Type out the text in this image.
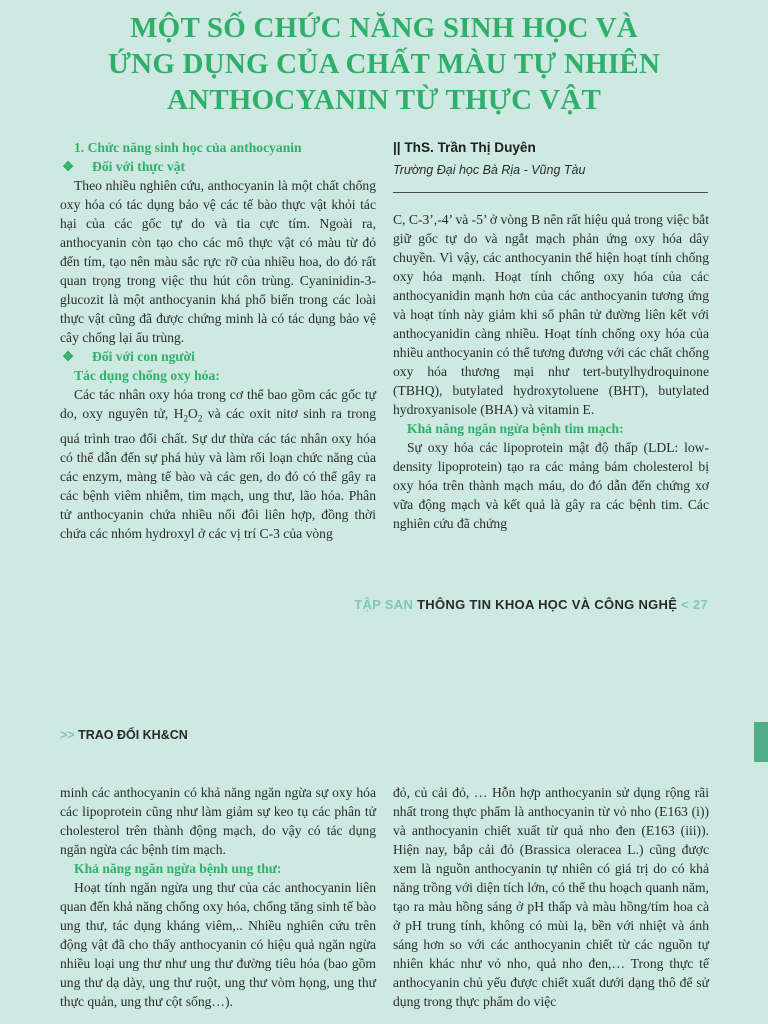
MỘT SỐ CHỨC NĂNG SINH HỌC VÀ
ỨNG DỤNG CỦA CHẤT MÀU TỰ NHIÊN
ANTHOCYANIN TỪ THỰC VẬT

1. Chức năng sinh học của anthocyanin

❖ Đối với thực vật

Theo nhiều nghiên cứu, anthocyanin là một chất chống oxy hóa có tác dụng bảo vệ các tế bào thực vật khỏi tác hại của các gốc tự do và tia cực tím. Ngoài ra, anthocyanin còn tạo cho các mô thực vật có màu từ đỏ đến tím, tạo nên màu sắc rực rỡ của nhiều hoa, do đó rất quan trọng trong việc thu hút côn trùng. Cyaninidin-3-glucozit là một anthocyanin khá phổ biến trong các loài thực vật cũng đã được chứng minh là có tác dụng bảo vệ cây chống lại ấu trùng.

❖ Đối với con người

Tác dụng chống oxy hóa:

Các tác nhân oxy hóa trong cơ thể bao gồm các gốc tự do, oxy nguyên tử, $H_2O_2$ và các oxit nitơ sinh ra trong quá trình trao đổi chất. Sự dư thừa các tác nhân oxy hóa có thể dẫn đến sự phá hủy và làm rối loạn chức năng của các enzym, màng tế bào và các gen, do đó có thể gây ra các bệnh viêm nhiễm, tim mạch, ung thư, lão hóa. Phân tử anthocyanin chứa nhiều nối đôi liên hợp, đồng thời chứa các nhóm hydroxyl ở các vị trí C-3 của vòng

|| ThS. Trần Thị Duyên
Trường Đại học Bà Rịa - Vũng Tàu

C, C-3’,-4’ và -5’ ở vòng B nên rất hiệu quả trong việc bắt giữ gốc tự do và ngắt mạch phản ứng oxy hóa dây chuyền. Vì vậy, các anthocyanin thể hiện hoạt tính chống oxy hóa mạnh. Hoạt tính chống oxy hóa của các anthocyanidin mạnh hơn của các anthocyanin tương ứng và hoạt tính này giảm khi số phân tử đường liên kết với anthocyanidin càng nhiều. Hoạt tính chống oxy hóa của nhiều anthocyanin có thể tương đương với các chất chống oxy hóa thương mại như tert-butylhydroquinone (TBHQ), butylated hydroxytoluene (BHT), butylated hydroxyanisole (BHA) và vitamin E.

Khả năng ngăn ngừa bệnh tim mạch:

Sự oxy hóa các lipoprotein mật độ thấp (LDL: low-density lipoprotein) tạo ra các mảng bám cholesterol bị oxy hóa trên thành mạch máu, do đó dẫn đến chứng xơ vữa động mạch và kết quả là gây ra các bệnh tim. Các nghiên cứu đã chứng

TẬP SAN THÔNG TIN KHOA HỌC VÀ CÔNG NGHỆ < 27
>> TRAO ĐỔI KH&CN

minh các anthocyanin có khả năng ngăn ngừa sự oxy hóa các lipoprotein cũng như làm giảm sự keo tụ các phân tử cholesterol trên thành động mạch, do vậy có tác dụng ngăn ngừa các bệnh tim mạch.

Khả năng ngăn ngừa bệnh ung thư:

Hoạt tính ngăn ngừa ung thư của các anthocyanin liên quan đến khả năng chống oxy hóa, chống tăng sinh tế bào ung thư, tác dụng kháng viêm,.. Nhiều nghiên cứu trên động vật đã cho thấy anthocyanin có hiệu quả ngăn ngừa nhiều loại ung thư như ung thư đường tiêu hóa (bao gồm ung thư dạ dày, ung thư ruột, ung thư vòm họng, ung thư thực quản, ung thư cột sống…).

đỏ, củ cải đỏ, … Hỗn hợp anthocyanin sử dụng rộng rãi nhất trong thực phẩm là anthocyanin từ vỏ nho (E163 (i)) và anthocyanin chiết xuất từ quả nho đen (E163 (iii)). Hiện nay, bắp cải đỏ (Brassica oleracea L.) cũng được xem là nguồn anthocyanin tự nhiên có giá trị do có khả năng trồng với diện tích lớn, có thể thu hoạch quanh năm, tạo ra màu hồng sáng ở pH thấp và màu hồng/tím hoa cà ở pH trung tính, không có mùi lạ, bền với nhiệt và ánh sáng hơn so với các anthocyanin chiết từ các nguồn tự nhiên khác như vỏ nho, quả nho đen,… Trong thực tế anthocyanin chủ yếu được chiết xuất dưới dạng thô để sử dụng trong thực phẩm do việc
